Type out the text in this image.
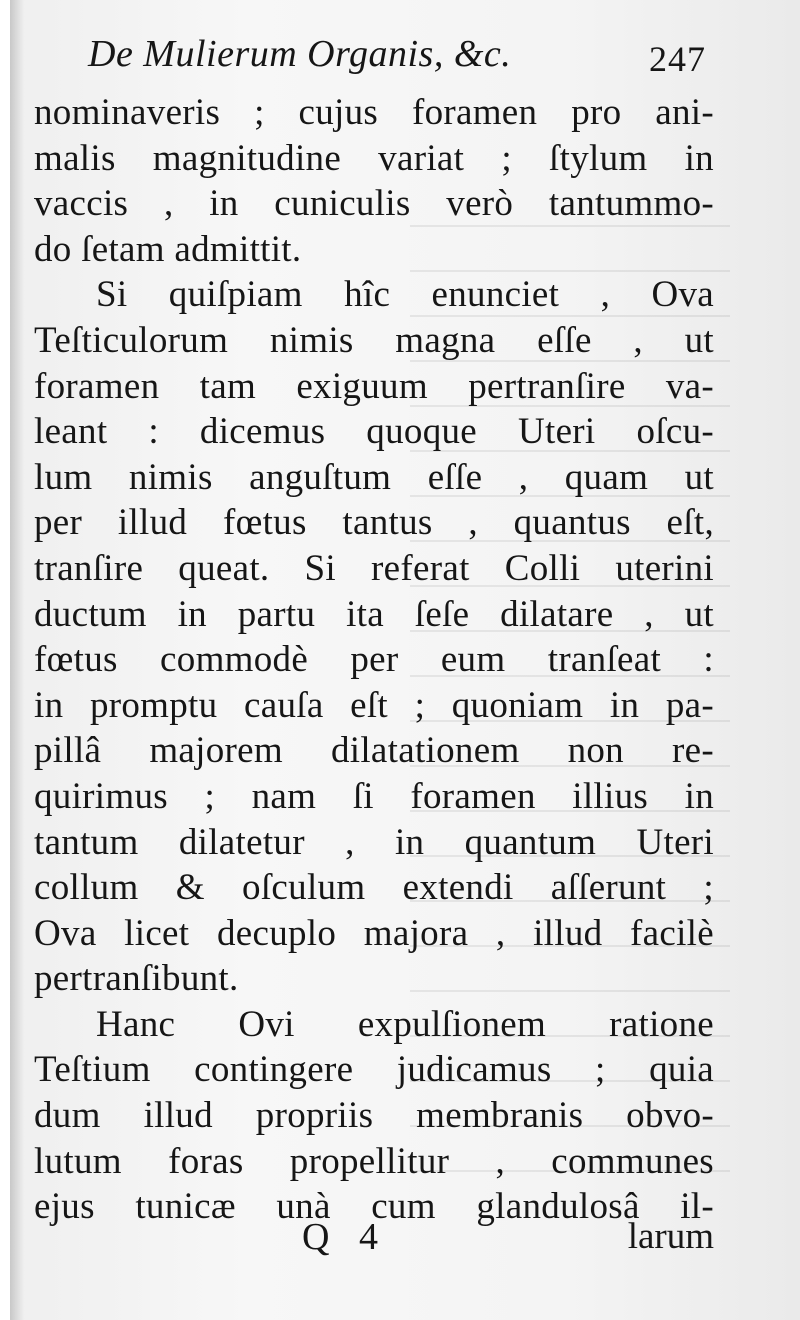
De Mulierum Organis, &c.	247
nominaveris ; cujus foramen pro ani-
malis magnitudine variat ; ſtylum in
vaccis , in cuniculis verò tantummo-
do ſetam admittit.
Si quiſpiam hîc enunciet , Ova
Teſticulorum nimis magna eſſe , ut
foramen tam exiguum pertranſire va-
leant : dicemus quoque Uteri oſcu-
lum nimis anguſtum eſſe , quam ut
per illud fœtus tantus , quantus eſt,
tranſire queat. Si referat Colli uterini
ductum in partu ita ſeſe dilatare , ut
fœtus commodè per eum tranſeat :
in promptu cauſa eſt ; quoniam in pa-
pillâ majorem dilatationem non re-
quirimus ; nam ſi foramen illius in
tantum dilatetur , in quantum Uteri
collum & oſculum extendi aſſerunt ;
Ova licet decuplo majora , illud facilè
pertranſibunt.
Hanc Ovi expulſionem ratione
Teſtium contingere judicamus ; quia
dum illud propriis membranis obvo-
lutum foras propellitur , communes
ejus tunicæ unà cum glandulosâ il-
Q 4	larum
